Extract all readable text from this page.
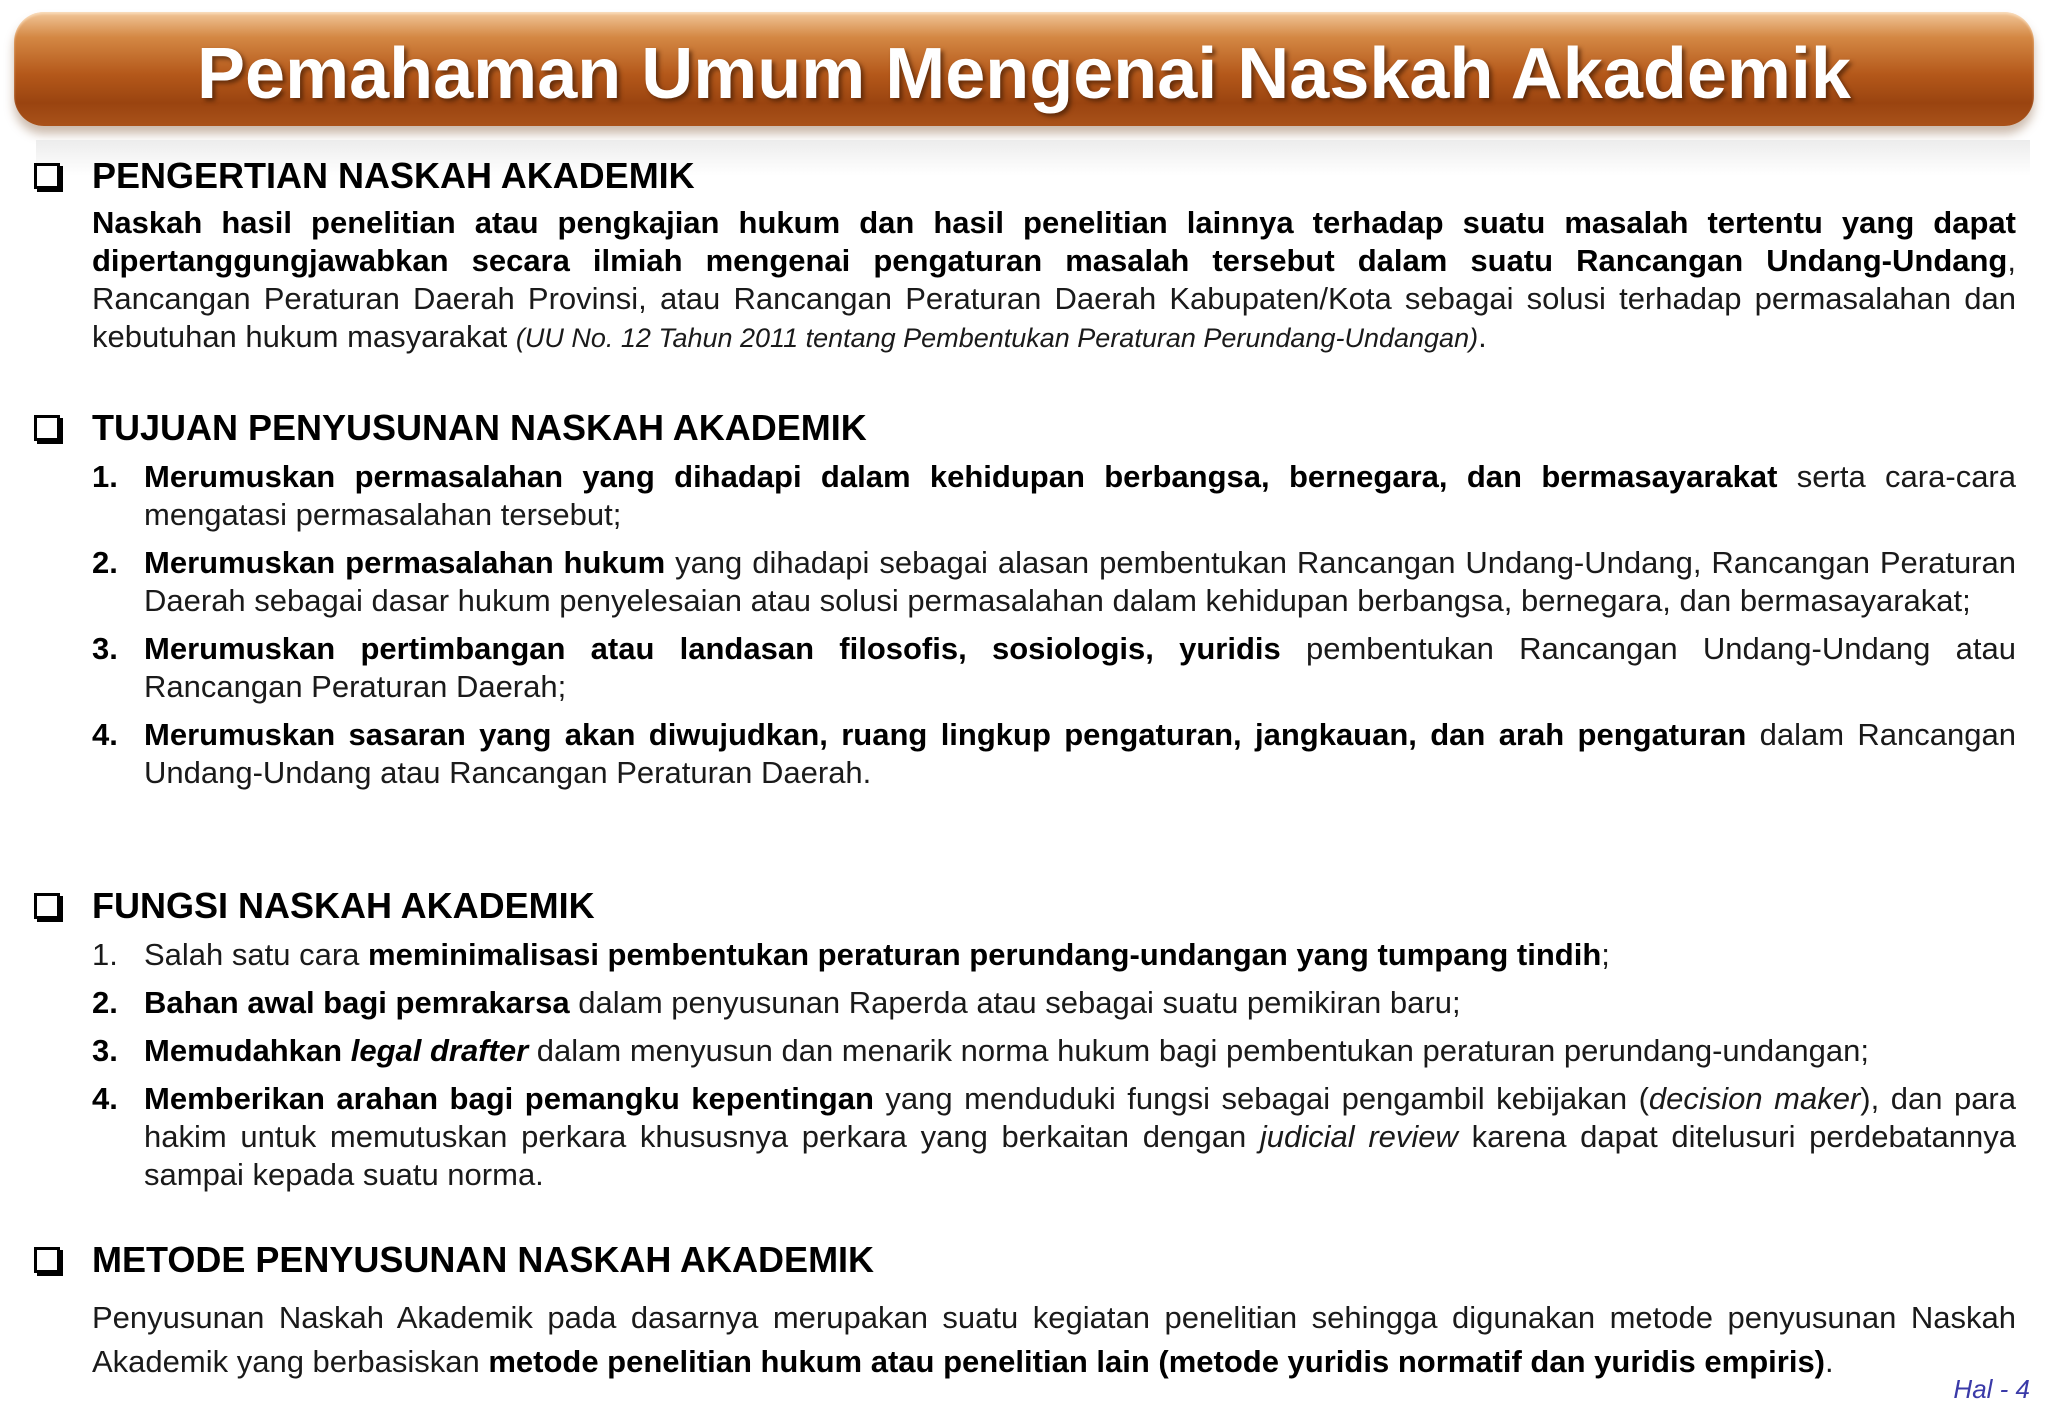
Pemahaman Umum Mengenai Naskah Akademik
PENGERTIAN NASKAH AKADEMIK
Naskah hasil penelitian atau pengkajian hukum dan hasil penelitian lainnya terhadap suatu masalah tertentu yang dapat dipertanggungjawabkan secara ilmiah mengenai pengaturan masalah tersebut dalam suatu Rancangan Undang-Undang, Rancangan Peraturan Daerah Provinsi, atau Rancangan Peraturan Daerah Kabupaten/Kota sebagai solusi terhadap permasalahan dan kebutuhan hukum masyarakat (UU No. 12 Tahun 2011 tentang Pembentukan Peraturan Perundang-Undangan).
TUJUAN PENYUSUNAN NASKAH AKADEMIK
1. Merumuskan permasalahan yang dihadapi dalam kehidupan berbangsa, bernegara, dan bermasayarakat serta cara-cara mengatasi permasalahan tersebut;
2. Merumuskan permasalahan hukum yang dihadapi sebagai alasan pembentukan Rancangan Undang-Undang, Rancangan Peraturan Daerah sebagai dasar hukum penyelesaian atau solusi permasalahan dalam kehidupan berbangsa, bernegara, dan bermasayarakat;
3. Merumuskan pertimbangan atau landasan filosofis, sosiologis, yuridis pembentukan Rancangan Undang-Undang atau Rancangan Peraturan Daerah;
4. Merumuskan sasaran yang akan diwujudkan, ruang lingkup pengaturan, jangkauan, dan arah pengaturan dalam Rancangan Undang-Undang atau Rancangan Peraturan Daerah.
FUNGSI NASKAH AKADEMIK
1. Salah satu cara meminimalisasi pembentukan peraturan perundang-undangan yang tumpang tindih;
2. Bahan awal bagi pemrakarsa dalam penyusunan Raperda atau sebagai suatu pemikiran baru;
3. Memudahkan legal drafter dalam menyusun dan menarik norma hukum bagi pembentukan peraturan perundang-undangan;
4. Memberikan arahan bagi pemangku kepentingan yang menduduki fungsi sebagai pengambil kebijakan (decision maker), dan para hakim untuk memutuskan perkara khususnya perkara yang berkaitan dengan judicial review karena dapat ditelusuri perdebatannya sampai kepada suatu norma.
METODE PENYUSUNAN NASKAH AKADEMIK
Penyusunan Naskah Akademik pada dasarnya merupakan suatu kegiatan penelitian sehingga digunakan metode penyusunan Naskah Akademik yang berbasiskan metode penelitian hukum atau penelitian lain (metode yuridis normatif dan yuridis empiris).
Hal - 4
